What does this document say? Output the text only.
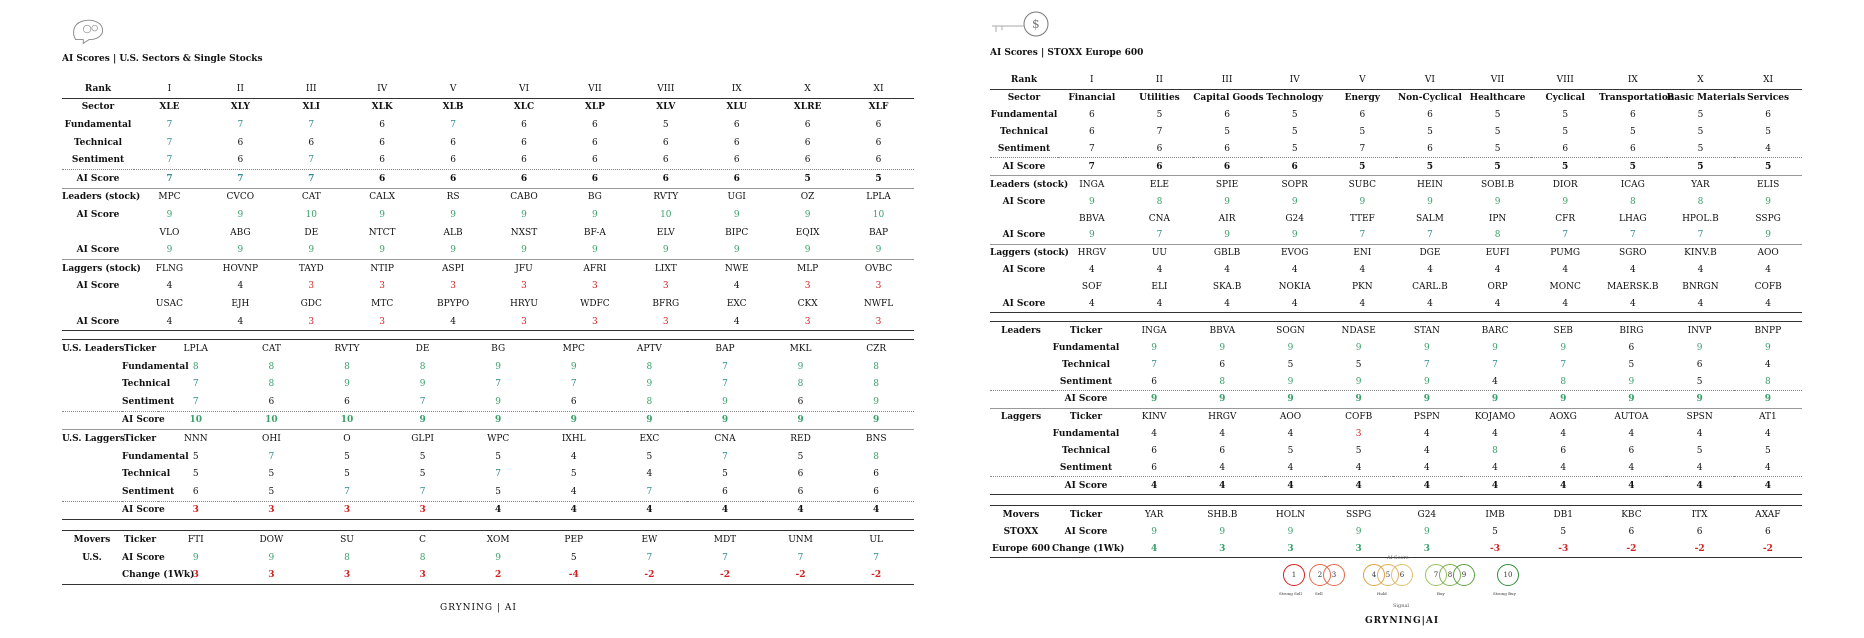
AI Scores | U.S. Sectors & Single Stocks
Rank	I	II	III	IV	V	VI	VII	VIII	IX	X	XI
Sector	XLE	XLY	XLI	XLK	XLB	XLC	XLP	XLV	XLU	XLRE	XLF
Fundamental	7	7	7	6	7	6	6	5	6	6	6
Technical	7	6	6	6	6	6	6	6	6	6	6
Sentiment	7	6	7	6	6	6	6	6	6	6	6
AI Score	7	7	7	6	6	6	6	6	6	5	5
Leaders (stock)	MPC	CVCO	CAT	CALX	RS	CABO	BG	RVTY	UGI	OZ	LPLA
AI Score	9	9	10	9	9	9	9	10	9	9	10
	VLO	ABG	DE	NTCT	ALB	NXST	BF-A	ELV	BIPC	EQIX	BAP
AI Score	9	9	9	9	9	9	9	9	9	9	9
Laggers (stock)	FLNG	HOVNP	TAYD	NTIP	ASPI	JFU	AFRI	LIXT	NWE	MLP	OVBC
AI Score	4	4	3	3	3	3	3	3	4	3	3
	USAC	EJH	GDC	MTC	BPYPO	HRYU	WDFC	BFRG	EXC	CKX	NWFL
AI Score	4	4	3	3	4	3	3	3	4	3	3

U.S. Leaders	Ticker	LPLA	CAT	RVTY	DE	BG	MPC	APTV	BAP	MKL	CZR
	Fundamental	8	8	8	8	9	9	8	7	9	8
	Technical	7	8	9	9	7	7	9	7	8	8
	Sentiment	7	6	6	7	9	6	8	9	6	9
	AI Score	10	10	10	9	9	9	9	9	9	9
U.S. Laggers	Ticker	NNN	OHI	O	GLPI	WPC	IXHL	EXC	CNA	RED	BNS
	Fundamental	5	7	5	5	5	4	5	7	5	8
	Technical	5	5	5	5	7	5	4	5	6	6
	Sentiment	6	5	7	7	5	4	7	6	6	6
	AI Score	3	3	3	3	4	4	4	4	4	4

Movers	Ticker	FTI	DOW	SU	C	XOM	PEP	EW	MDT	UNM	UL
U.S.	AI Score	9	9	8	8	9	5	7	7	7	7
	Change (1Wk)	3	3	3	3	2	-4	-2	-2	-2	-2
GRYNING | AI
$
AI Scores | STOXX Europe 600
Rank	I	II	III	IV	V	VI	VII	VIII	IX	X	XI
Sector	Financial	Utilities	Capital Goods	Technology	Energy	Non-Cyclical	Healthcare	Cyclical	Transportation	Basic Materials	Services
Fundamental	6	5	6	5	6	6	5	5	6	5	6
Technical	6	7	5	5	5	5	5	5	5	5	5
Sentiment	7	6	6	5	7	6	5	6	6	5	4
AI Score	7	6	6	6	5	5	5	5	5	5	5
Leaders (stock)	INGA	ELE	SPIE	SOPR	SUBC	HEIN	SOBI.B	DIOR	ICAG	YAR	ELIS
AI Score	9	8	9	9	9	9	9	9	8	8	9
	BBVA	CNA	AIR	G24	TTEF	SALM	IPN	CFR	LHAG	HPOL.B	SSPG
AI Score	9	7	9	9	7	7	8	7	7	7	9
Laggers (stock)	HRGV	UU	GBLB	EVOG	ENI	DGE	EUFI	PUMG	SGRO	KINV.B	AOO
AI Score	4	4	4	4	4	4	4	4	4	4	4
	SOF	ELI	SKA.B	NOKIA	PKN	CARL.B	ORP	MONC	MAERSK.B	BNRGN	COFB
AI Score	4	4	4	4	4	4	4	4	4	4	4

Leaders	Ticker	INGA	BBVA	SOGN	NDASE	STAN	BARC	SEB	BIRG	INVP	BNPP
	Fundamental	9	9	9	9	9	9	9	6	9	9
	Technical	7	6	5	5	7	7	7	5	6	4
	Sentiment	6	8	9	9	9	4	8	9	5	8
	AI Score	9	9	9	9	9	9	9	9	9	9
Laggers	Ticker	KINV	HRGV	AOO	COFB	PSPN	KOJAMO	AOXG	AUTOA	SPSN	AT1
	Fundamental	4	4	4	3	4	4	4	4	4	4
	Technical	6	6	5	5	4	8	6	6	5	5
	Sentiment	6	4	4	4	4	4	4	4	4	4
	AI Score	4	4	4	4	4	4	4	4	4	4

Movers	Ticker	YAR	SHB.B	HOLN	SSPG	G24	IMB	DB1	KBC	ITX	AXAF
STOXX	AI Score	9	9	9	9	9	5	5	6	6	6
Europe 600	Change (1Wk)	4	3	3	3	3	-3	-3	-2	-2	-2
AI Score
1	2	3	4	5	6	7	8	9	10
Strong Sell	Sell	Hold	Buy	Strong Buy
Signal
GRYNING|AI
